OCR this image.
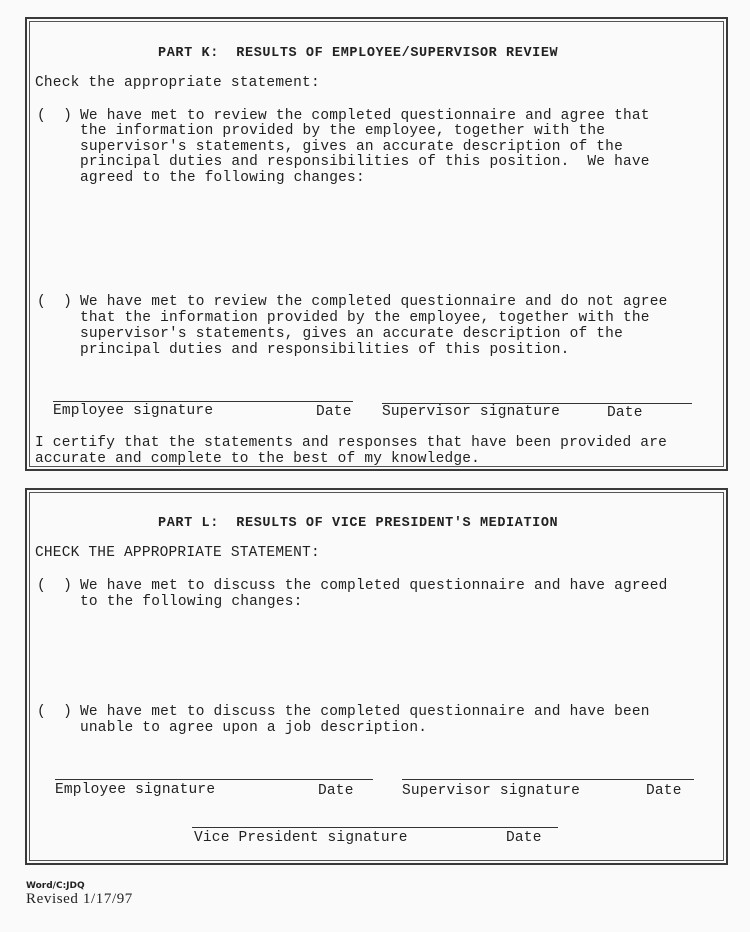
PART K:  RESULTS OF EMPLOYEE/SUPERVISOR REVIEW
Check the appropriate statement:
(  ) We have met to review the completed questionnaire and agree that
the information provided by the employee, together with the
supervisor's statements, gives an accurate description of the
principal duties and responsibilities of this position.  We have
agreed to the following changes:
(  ) We have met to review the completed questionnaire and do not agree
that the information provided by the employee, together with the
supervisor's statements, gives an accurate description of the
principal duties and responsibilities of this position.
Employee signature	Date Supervisor signature	Date
I certify that the statements and responses that have been provided are
accurate and complete to the best of my knowledge.
PART L:  RESULTS OF VICE PRESIDENT'S MEDIATION
CHECK THE APPROPRIATE STATEMENT:
(  ) We have met to discuss the completed questionnaire and have agreed
to the following changes:
(  ) We have met to discuss the completed questionnaire and have been
unable to agree upon a job description.
Employee signature	Date	Supervisor signature	Date
Vice President signature	Date
Word/C:JDQ
Revised 1/17/97
